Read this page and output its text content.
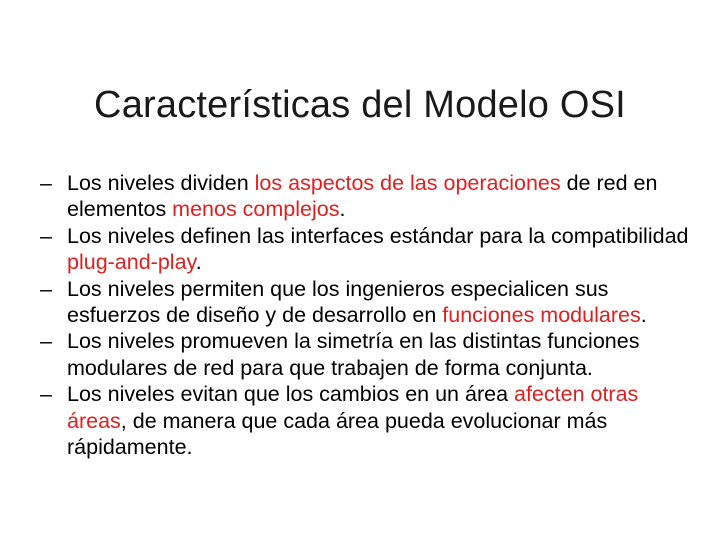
Características del Modelo OSI

– Los niveles dividen los aspectos de las operaciones de red en elementos menos complejos.

– Los niveles definen las interfaces estándar para la compatibilidad plug-and-play.

– Los niveles permiten que los ingenieros especialicen sus esfuerzos de diseño y de desarrollo en funciones modulares.

– Los niveles promueven la simetría en las distintas funciones modulares de red para que trabajen de forma conjunta.

– Los niveles evitan que los cambios en un área afecten otras áreas, de manera que cada área pueda evolucionar más rápidamente.
